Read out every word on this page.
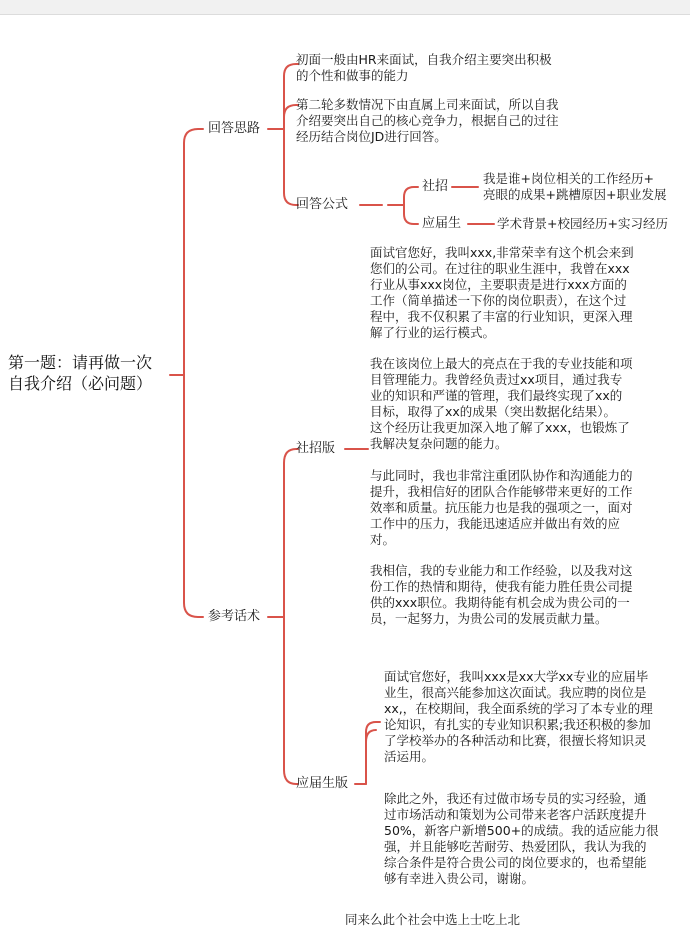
第一题：请再做一次
自我介绍（必问题）
回答思路
初面一般由HR来面试，自我介绍主要突出积极
的个性和做事的能力
第二轮多数情况下由直属上司来面试，所以自我
介绍要突出自己的核心竞争力，根据自己的过往
经历结合岗位JD进行回答。
回答公式
社招
我是谁+岗位相关的工作经历+
亮眼的成果+跳槽原因+职业发展
应届生	学术背景+校园经历+实习经历
参考话术
社招版
面试官您好，我叫xxx,非常荣幸有这个机会来到
您们的公司。在过往的职业生涯中，我曾在xxx
行业从事xxx岗位，主要职责是进行xxx方面的
工作（简单描述一下你的岗位职责），在这个过
程中，我不仅积累了丰富的行业知识，更深入理
解了行业的运行模式。
我在该岗位上最大的亮点在于我的专业技能和项
目管理能力。我曾经负责过xx项目，通过我专
业的知识和严谨的管理，我们最终实现了xx的
目标，取得了xx的成果（突出数据化结果）。
这个经历让我更加深入地了解了xxx，也锻炼了
我解决复杂问题的能力。
与此同时，我也非常注重团队协作和沟通能力的
提升，我相信好的团队合作能够带来更好的工作
效率和质量。抗压能力也是我的强项之一，面对
工作中的压力，我能迅速适应并做出有效的应
对。
我相信，我的专业能力和工作经验，以及我对这
份工作的热情和期待，使我有能力胜任贵公司提
供的xxx职位。我期待能有机会成为贵公司的一
员，一起努力，为贵公司的发展贡献力量。
应届生版
面试官您好，我叫xxx是xx大学xx专业的应届毕
业生，很高兴能参加这次面试。我应聘的岗位是
xx,，在校期间，我全面系统的学习了本专业的理
论知识，有扎实的专业知识积累;我还积极的参加
了学校举办的各种活动和比赛，很擅长将知识灵
活运用。
除此之外，我还有过做市场专员的实习经验，通
过市场活动和策划为公司带来老客户活跃度提升
50%，新客户新增500+的成绩。我的适应能力很
强，并且能够吃苦耐劳、热爱团队，我认为我的
综合条件是符合贵公司的岗位要求的，也希望能
够有幸进入贵公司，谢谢。
同来么此个社会中选上士吃上北
